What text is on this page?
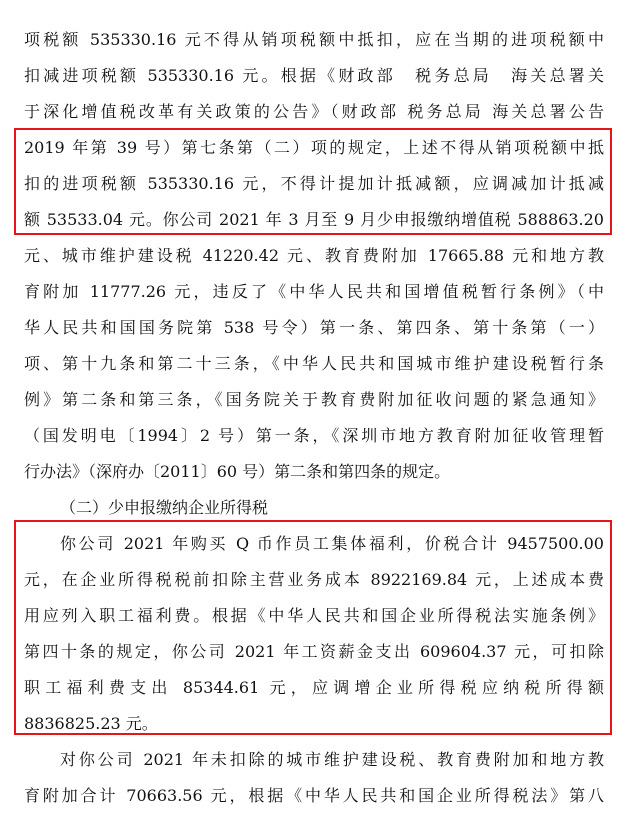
项税额 535330.16 元不得从销项税额中抵扣，应在当期的进项税额中
扣减进项税额 535330.16 元。根据《财政部　税务总局　海关总署关
于深化增值税改革有关政策的公告》（财政部 税务总局 海关总署公告
2019 年第 39 号）第七条第（二）项的规定，上述不得从销项税额中抵
扣的进项税额 535330.16 元，不得计提加计抵减额，应调减加计抵减
额 53533.04 元。你公司 2021 年 3 月至 9 月少申报缴纳增值税 588863.20
元、城市维护建设税 41220.42 元、教育费附加 17665.88 元和地方教
育附加 11777.26 元，违反了《中华人民共和国增值税暂行条例》（中
华人民共和国国务院第 538 号令）第一条、第四条、第十条第（一）
项、第十九条和第二十三条，《中华人民共和国城市维护建设税暂行条
例》第二条和第三条，《国务院关于教育费附加征收问题的紧急通知》
（国发明电〔1994〕2 号）第一条，《深圳市地方教育附加征收管理暂
行办法》（深府办〔2011〕60 号）第二条和第四条的规定。
（二）少申报缴纳企业所得税
你公司 2021 年购买 Q 币作员工集体福利，价税合计 9457500.00
元，在企业所得税税前扣除主营业务成本 8922169.84 元，上述成本费
用应列入职工福利费。根据《中华人民共和国企业所得税法实施条例》
第四十条的规定，你公司 2021 年工资薪金支出 609604.37 元，可扣除
职工福利费支出 85344.61 元，应调增企业所得税应纳税所得额
8836825.23 元。
对你公司 2021 年未扣除的城市维护建设税、教育费附加和地方教
育附加合计 70663.56 元，根据《中华人民共和国企业所得税法》第八
